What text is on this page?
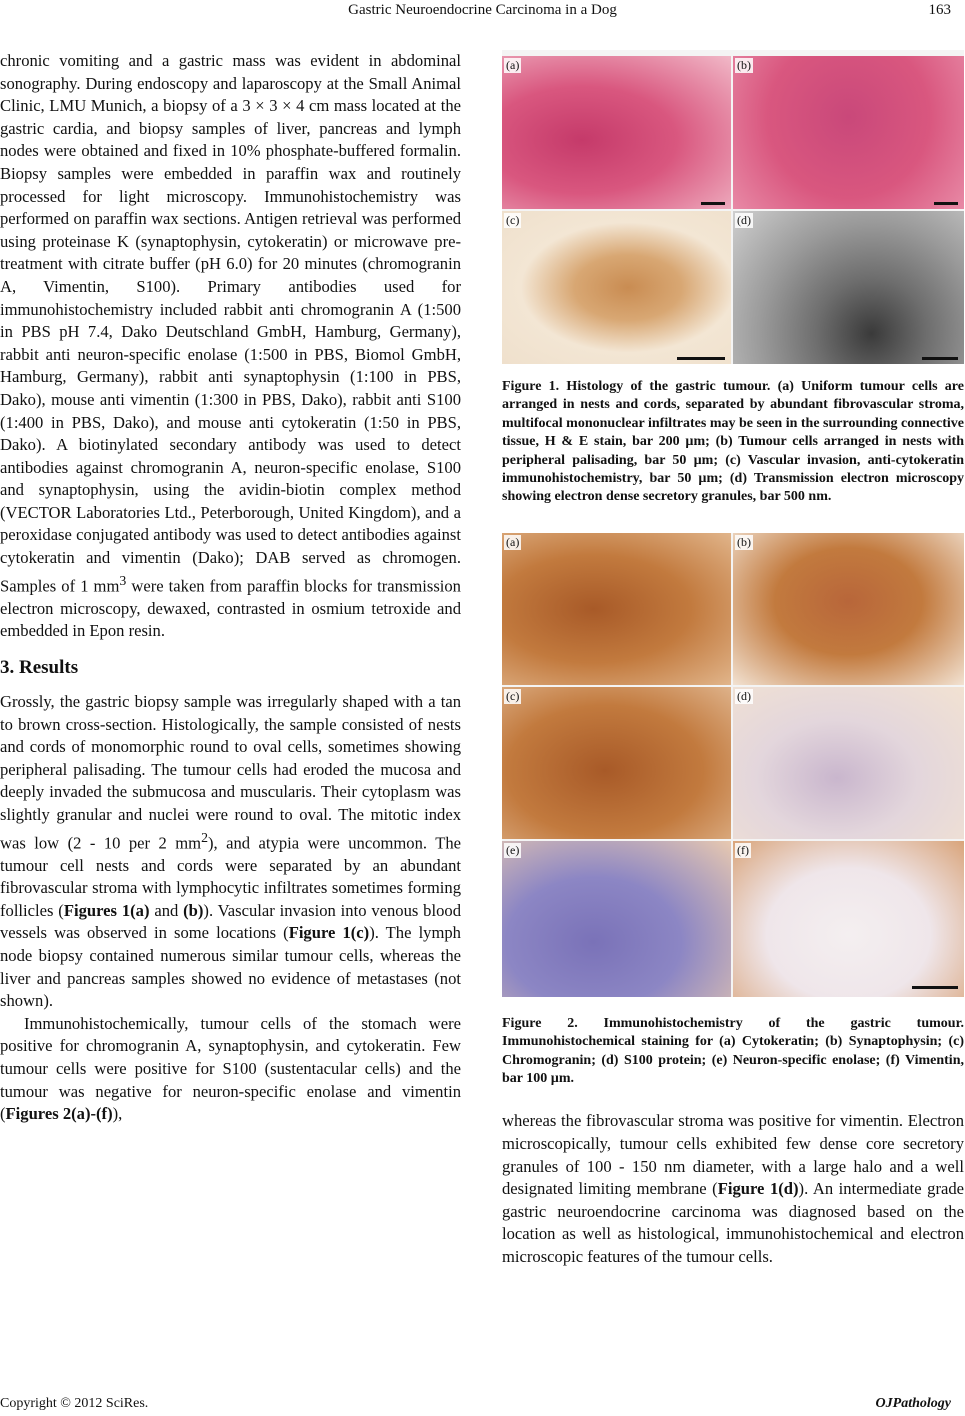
Gastric Neuroendocrine Carcinoma in a Dog	163

chronic vomiting and a gastric mass was evident in abdominal sonography. During endoscopy and laparoscopy at the Small Animal Clinic, LMU Munich, a biopsy of a 3 × 3 × 4 cm mass located at the gastric cardia, and biopsy samples of liver, pancreas and lymph nodes were obtained and fixed in 10% phosphate-buffered formalin. Biopsy samples were embedded in paraffin wax and routinely processed for light microscopy. Immunohistochemistry was performed on paraffin wax sections. Antigen retrieval was performed using proteinase K (synaptophysin, cytokeratin) or microwave pre-treatment with citrate buffer (pH 6.0) for 20 minutes (chromogranin A, Vimentin, S100). Primary antibodies used for immunohistochemistry included rabbit anti chromogranin A (1:500 in PBS pH 7.4, Dako Deutschland GmbH, Hamburg, Germany), rabbit anti neuron-specific enolase (1:500 in PBS, Biomol GmbH, Hamburg, Germany), rabbit anti synaptophysin (1:100 in PBS, Dako), mouse anti vimentin (1:300 in PBS, Dako), rabbit anti S100 (1:400 in PBS, Dako), and mouse anti cytokeratin (1:50 in PBS, Dako). A biotinylated secondary antibody was used to detect antibodies against chromogranin A, neuron-specific enolase, S100 and synaptophysin, using the avidin-biotin complex method (VECTOR Laboratories Ltd., Peterborough, United Kingdom), and a peroxidase conjugated antibody was used to detect antibodies against cytokeratin and vimentin (Dako); DAB served as chromogen. Samples of 1 $mm^3$ were taken from paraffin blocks for transmission electron microscopy, dewaxed, contrasted in osmium tetroxide and embedded in Epon resin.

3. Results

Grossly, the gastric biopsy sample was irregularly shaped with a tan to brown cross-section. Histologically, the sample consisted of nests and cords of monomorphic round to oval cells, sometimes showing peripheral palisading. The tumour cells had eroded the mucosa and deeply invaded the submucosa and muscularis. Their cytoplasm was slightly granular and nuclei were round to oval. The mitotic index was low (2 - 10 per 2 $mm^2$), and atypia were uncommon. The tumour cell nests and cords were separated by an abundant fibrovascular stroma with lymphocytic infiltrates sometimes forming follicles (Figures 1(a) and (b)). Vascular invasion into venous blood vessels was observed in some locations (Figure 1(c)). The lymph node biopsy contained numerous similar tumour cells, whereas the liver and pancreas samples showed no evidence of metastases (not shown).

Immunohistochemically, tumour cells of the stomach were positive for chromogranin A, synaptophysin, and cytokeratin. Few tumour cells were positive for S100 (sustentacular cells) and the tumour was negative for neuron-specific enolase and vimentin (Figures 2(a)-(f)),

(a)	(b)
(c)	(d)

Figure 1. Histology of the gastric tumour. (a) Uniform tumour cells are arranged in nests and cords, separated by abundant fibrovascular stroma, multifocal mononuclear infiltrates may be seen in the surrounding connective tissue, H & E stain, bar 200 µm; (b) Tumour cells arranged in nests with peripheral palisading, bar 50 µm; (c) Vascular invasion, anti-cytokeratin immunohistochemistry, bar 50 µm; (d) Transmission electron microscopy showing electron dense secretory granules, bar 500 nm.

(a)	(b)
(c)	(d)
(e)	(f)

Figure 2. Immunohistochemistry of the gastric tumour. Immunohistochemical staining for (a) Cytokeratin; (b) Synaptophysin; (c) Chromogranin; (d) S100 protein; (e) Neuron-specific enolase; (f) Vimentin, bar 100 µm.

whereas the fibrovascular stroma was positive for vimentin. Electron microscopically, tumour cells exhibited few dense core secretory granules of 100 - 150 nm diameter, with a large halo and a well designated limiting membrane (Figure 1(d)). An intermediate grade gastric neuroendocrine carcinoma was diagnosed based on the location as well as histological, immunohistochemical and electron microscopic features of the tumour cells.

Copyright © 2012 SciRes.	OJPathology
